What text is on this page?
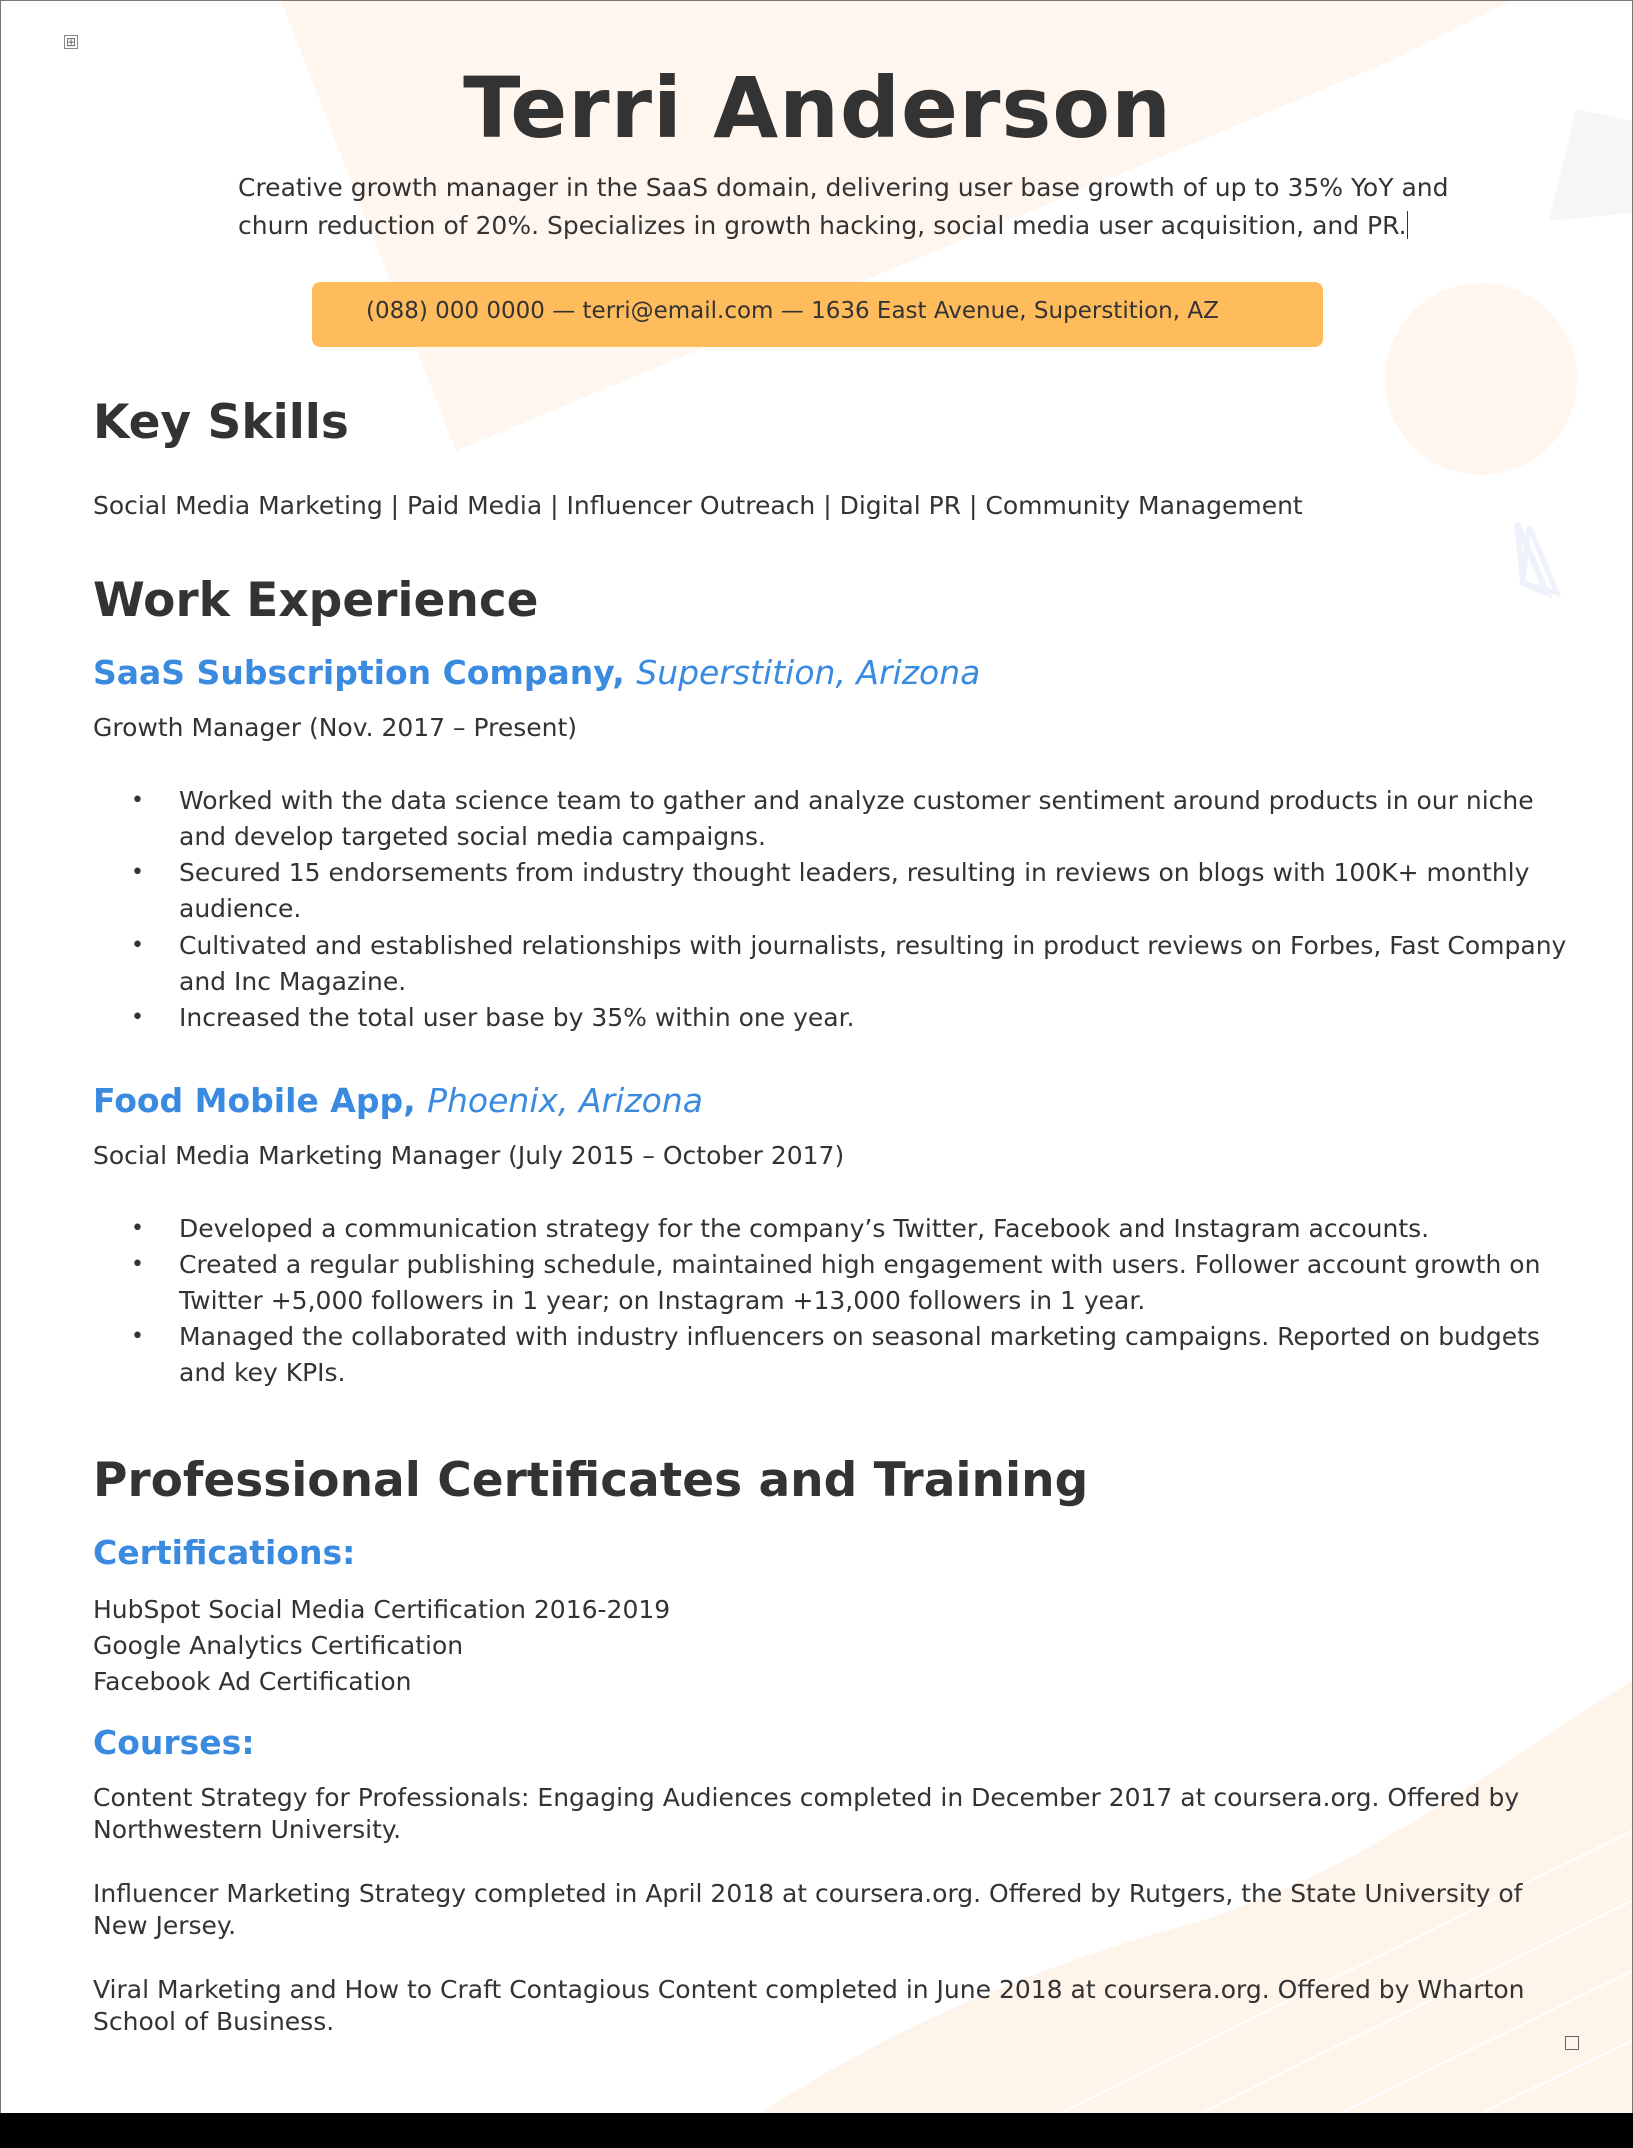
⊞
Terri Anderson
Creative growth manager in the SaaS domain, delivering user base growth of up to 35% YoY and
churn reduction of 20%. Specializes in growth hacking, social media user acquisition, and PR.
(088) 000 0000 — terri@email.com — 1636 East Avenue, Superstition, AZ
Key Skills
Social Media Marketing | Paid Media | Influencer Outreach | Digital PR | Community Management
Work Experience
SaaS Subscription Company, Superstition, Arizona
Growth Manager (Nov. 2017 – Present)
• Worked with the data science team to gather and analyze customer sentiment around products in our niche
and develop targeted social media campaigns.
• Secured 15 endorsements from industry thought leaders, resulting in reviews on blogs with 100K+ monthly
audience.
• Cultivated and established relationships with journalists, resulting in product reviews on Forbes, Fast Company
and Inc Magazine.
• Increased the total user base by 35% within one year.
Food Mobile App, Phoenix, Arizona
Social Media Marketing Manager (July 2015 – October 2017)
• Developed a communication strategy for the company’s Twitter, Facebook and Instagram accounts.
• Created a regular publishing schedule, maintained high engagement with users. Follower account growth on
Twitter +5,000 followers in 1 year; on Instagram +13,000 followers in 1 year.
• Managed the collaborated with industry influencers on seasonal marketing campaigns. Reported on budgets
and key KPIs.
Professional Certificates and Training
Certifications:
HubSpot Social Media Certification 2016-2019
Google Analytics Certification
Facebook Ad Certification
Courses:
Content Strategy for Professionals: Engaging Audiences completed in December 2017 at coursera.org. Offered by
Northwestern University.
Influencer Marketing Strategy completed in April 2018 at coursera.org. Offered by Rutgers, the State University of
New Jersey.
Viral Marketing and How to Craft Contagious Content completed in June 2018 at coursera.org. Offered by Wharton
School of Business.
